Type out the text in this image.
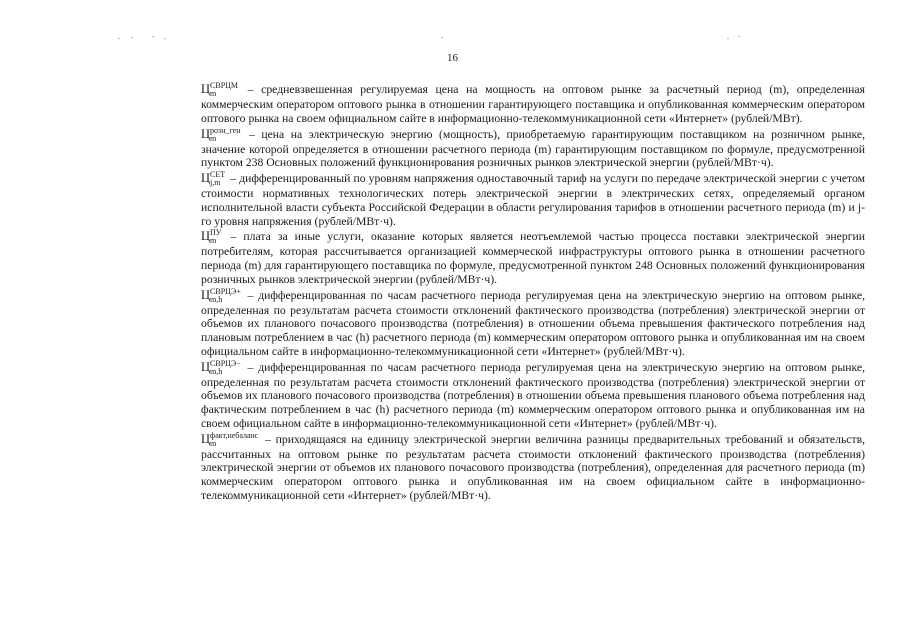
16

Ц СВРЦМ
m	– средневзвешенная регулируемая цена на мощность на оптовом рынке за расчетный период (m), определенная коммерческим оператором оптового рынка в отношении гарантирующего поставщика и опубликованная коммерческим оператором оптового рынка на своем официальном сайте в информационно-телекоммуникационной сети «Интернет» (рублей/МВт).

Ц розн_ген
m	– цена на электрическую энергию (мощность), приобретаемую гарантирующим поставщиком на розничном рынке, значение которой определяется в отношении расчетного периода (m) гарантирующим поставщиком по формуле, предусмотренной пунктом 238 Основных положений функционирования розничных рынков электрической энергии (рублей/МВт·ч).

Ц СЕТ
j,m – дифференцированный по уровням напряжения одноставочный тариф на услуги по передаче электрической энергии с учетом стоимости нормативных технологических потерь электрической энергии в электрических сетях, определяемый органом исполнительной власти субъекта Российской Федерации в области регулирования тарифов в отношении расчетного периода (m) и j-го уровня напряжения (рублей/МВт·ч).

Ц ПУ
m	– плата за иные услуги, оказание которых является неотъемлемой частью процесса поставки электрической энергии потребителям, которая рассчитывается организацией коммерческой инфраструктуры оптового рынка в отношении расчетного периода (m) для гарантирующего поставщика по формуле, предусмотренной пунктом 248 Основных положений функционирования розничных рынков электрической энергии (рублей/МВт·ч).

Ц СВРЦЭ+
m,h	– дифференцированная по часам расчетного периода регулируемая цена на электрическую энергию на оптовом рынке, определенная по результатам расчета стоимости отклонений фактического производства (потребления) электрической энергии от объемов их планового почасового производства (потребления) в отношении объема превышения фактического потребления над плановым потреблением в час (h) расчетного периода (m) коммерческим оператором оптового рынка и опубликованная им на своем официальном сайте в информационно-телекоммуникационной сети «Интернет» (рублей/МВт·ч).

Ц СВРЦЭ−
m,h	– дифференцированная по часам расчетного периода регулируемая цена на электрическую энергию на оптовом рынке, определенная по результатам расчета стоимости отклонений фактического производства (потребления) электрической энергии от объемов их планового почасового производства (потребления) в отношении объема превышения планового объема потребления над фактическим потреблением в час (h) расчетного периода (m) коммерческим оператором оптового рынка и опубликованная им на своем официальном сайте в информационно-телекоммуникационной сети «Интернет» (рублей/МВт·ч).

Ц факт,небаланс
m	– приходящаяся на единицу электрической энергии величина разницы предварительных требований и обязательств, рассчитанных на оптовом рынке по результатам расчета стоимости отклонений фактического производства (потребления) электрической энергии от объемов их планового почасового производства (потребления), определенная для расчетного периода (m) коммерческим оператором оптового рынка и опубликованная им на своем официальном сайте в информационно-телекоммуникационной сети «Интернет» (рублей/МВт·ч).
